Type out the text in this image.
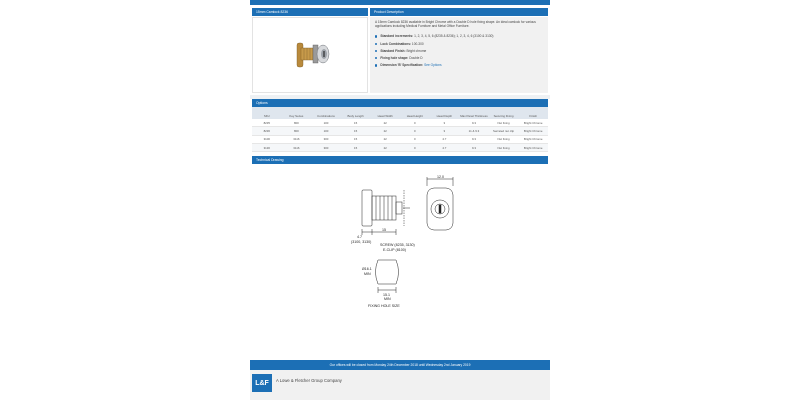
15mm Camlock 8236	Product Description

A 15mm Camlock 8236 available in Bright Chrome with a Double D hole fixing shape. An ideal camlock for various applications including Medical Furniture and Metal Office Furniture.

Standard increments:
1, 2, 3, 4, 5, 6 (8235 & 8236); 1, 2, 3, 4, 6 (3100 & 3130)
Lock Combinations:
100-300
Standard Finish:
Bright chrome
Fixing hole shape:
Double D
Dimension 'B' Specification:
See Options
Options
SKU	Key Series	Combinations	Body Length	Head Width	Head Height	Head Depth	Max Panel Thickness	Securing Fixing	Finish
8235	800	100	15	22	0	3	9.3	Nut fixing	Bright Chrome
8236	800	100	15	22	0	3	11 & 9.3	Serrated nut clip	Bright Chrome
3100	3116	300	15	22	0	4.7	9.3	Nut fixing	Bright Chrome
3130	3116	300	15	22	0	4.7	9.3	Nut fixing	Bright Chrome
Technical Drawing
15
4.7
(3100, 3130)
SCREW (8235, 3130)
E-CLIP (8100)
12.0
Ø16.1
MIN
15.1
MIN
FIXING HOLE SIZE
Our offices will be closed from Monday 24th December 2018 until Wednesday 2nd January 2019
L&F A Lowe & Fletcher Group Company
